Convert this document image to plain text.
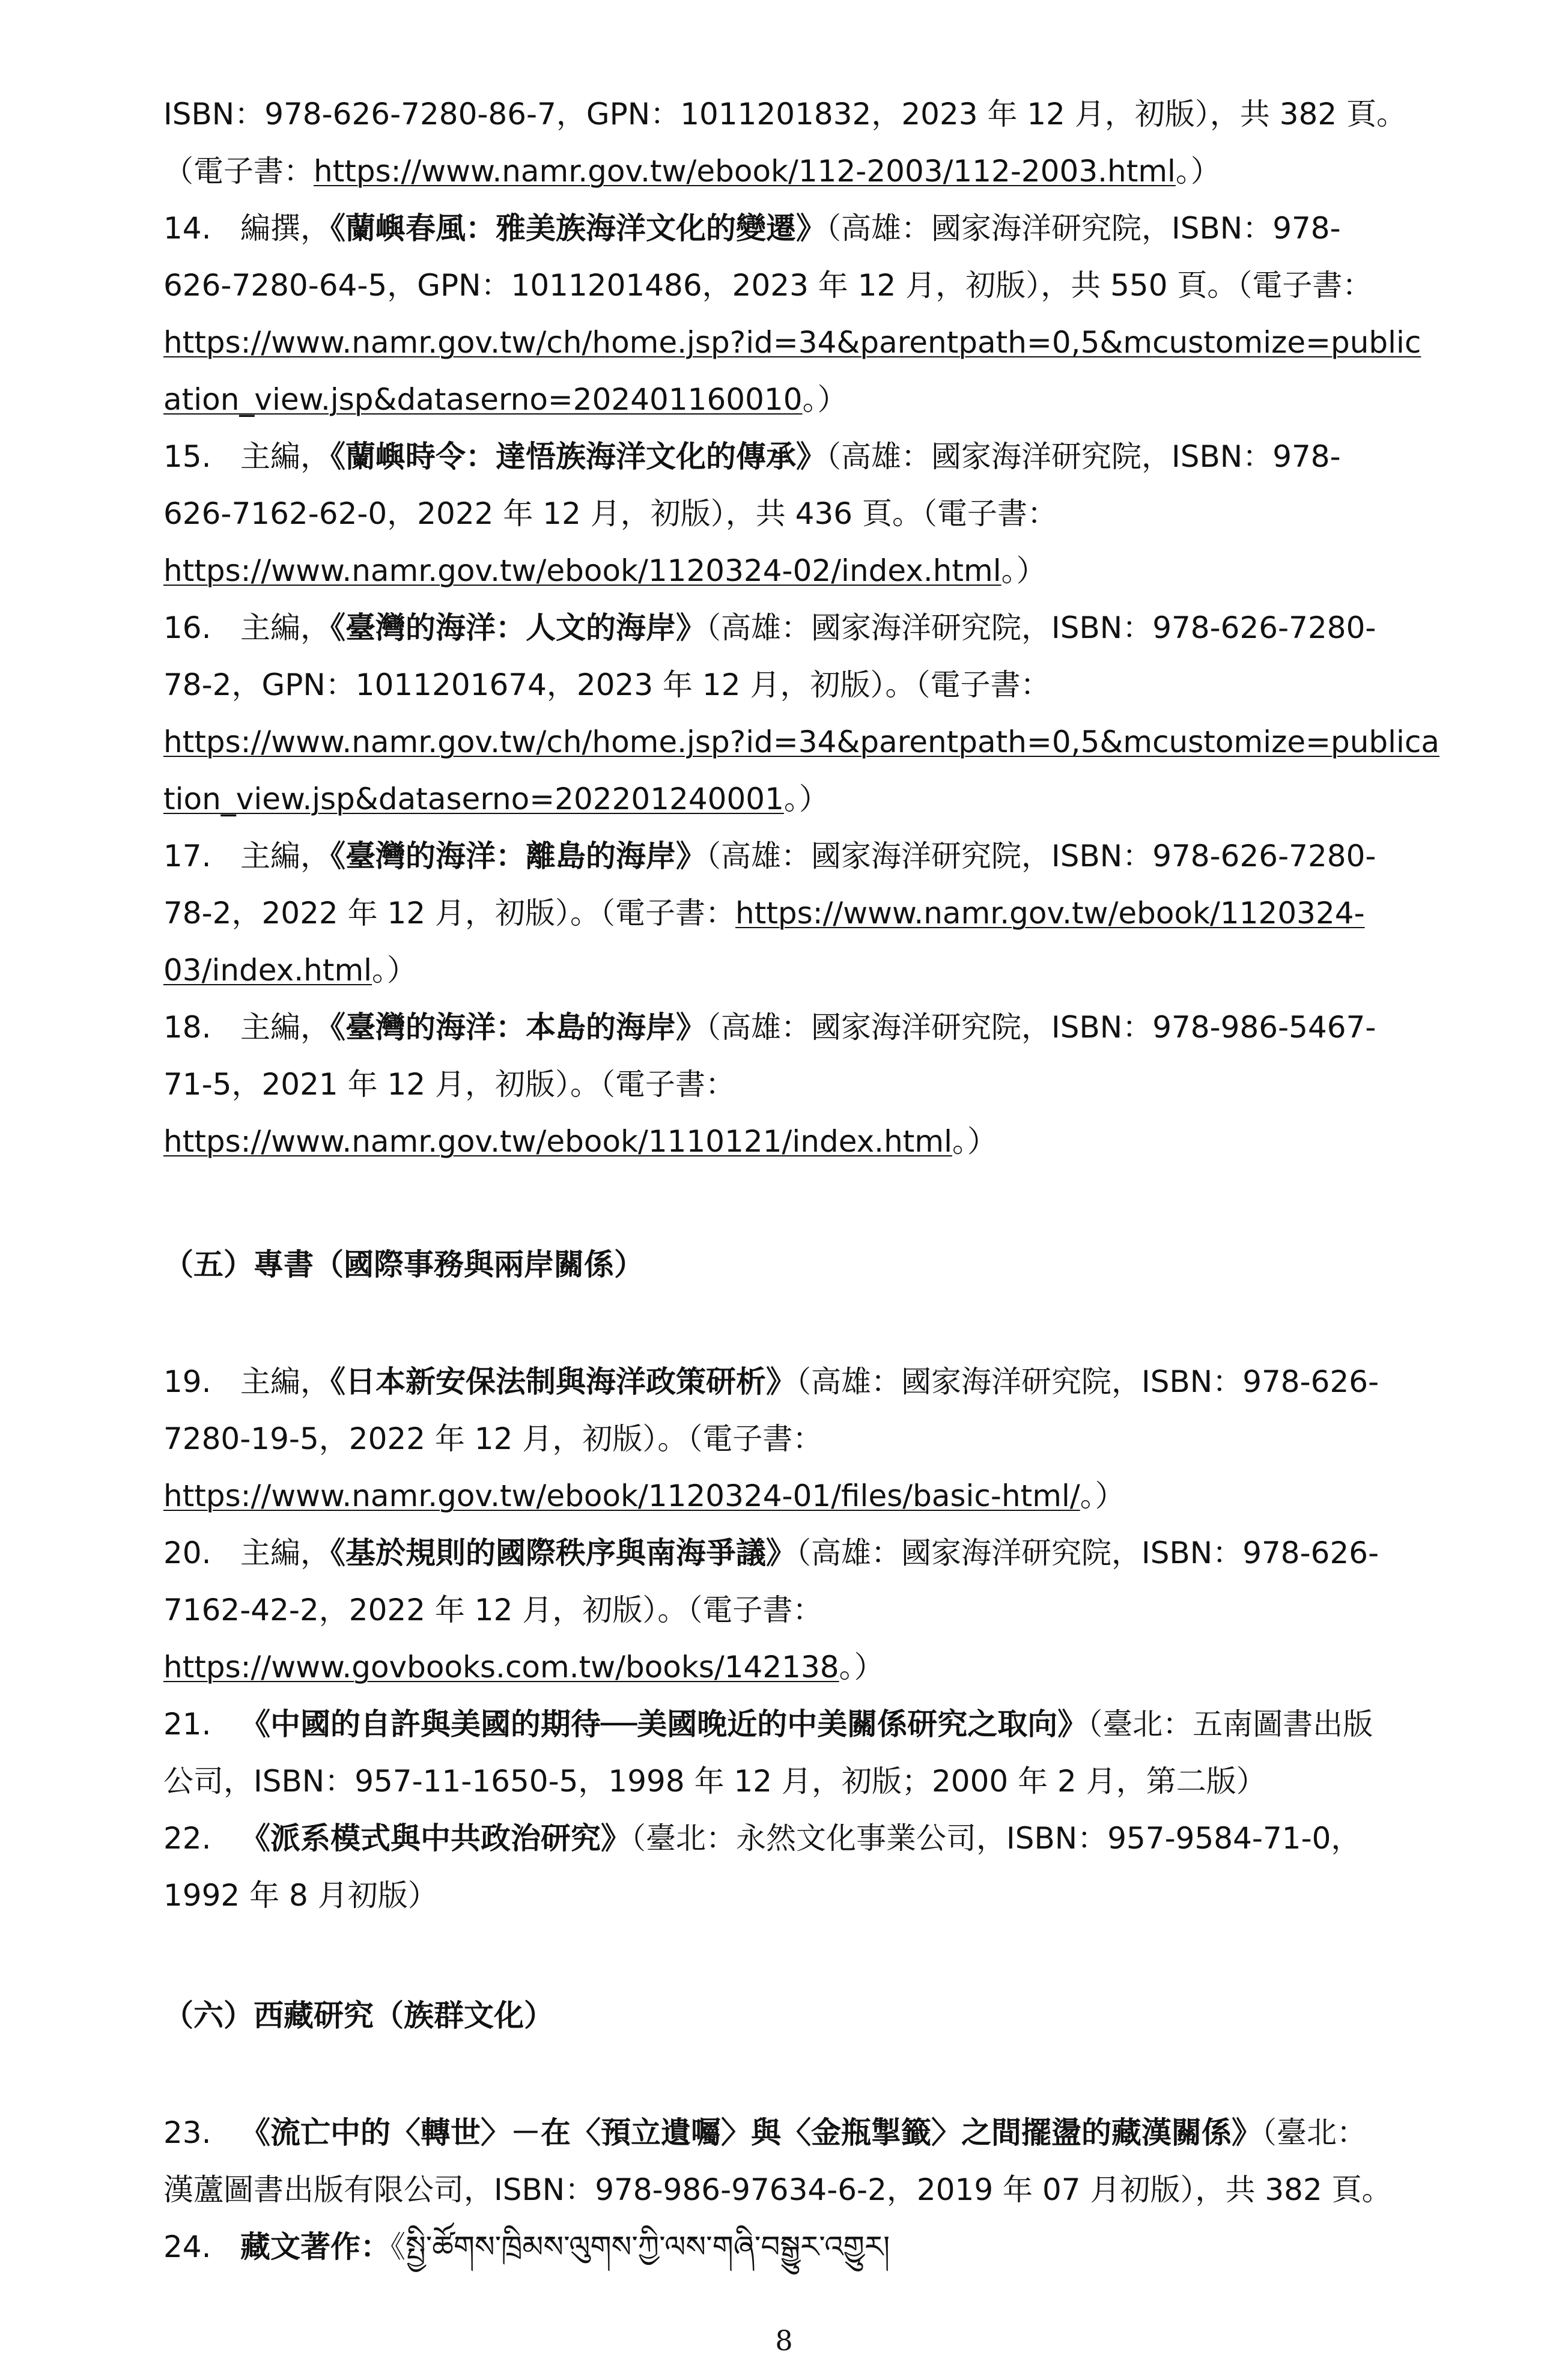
ISBN：978-626-7280-86-7，GPN：1011201832，2023 年 12 月，初版），共 382 頁。
（電子書：https://www.namr.gov.tw/ebook/112-2003/112-2003.html。）
14. 編撰，《蘭嶼春風：雅美族海洋文化的變遷》（高雄：國家海洋研究院，ISBN：978-
626-7280-64-5，GPN：1011201486，2023 年 12 月，初版），共 550 頁。（電子書：
https://www.namr.gov.tw/ch/home.jsp?id=34&parentpath=0,5&mcustomize=public
ation_view.jsp&dataserno=202401160010。）
15. 主編，《蘭嶼時令：達悟族海洋文化的傳承》（高雄：國家海洋研究院，ISBN：978-
626-7162-62-0，2022 年 12 月，初版），共 436 頁。（電子書：
https://www.namr.gov.tw/ebook/1120324-02/index.html。）
16. 主編，《臺灣的海洋：人文的海岸》（高雄：國家海洋研究院，ISBN：978-626-7280-
78-2，GPN：1011201674，2023 年 12 月，初版）。（電子書：
https://www.namr.gov.tw/ch/home.jsp?id=34&parentpath=0,5&mcustomize=publica
tion_view.jsp&dataserno=202201240001。）
17. 主編，《臺灣的海洋：離島的海岸》（高雄：國家海洋研究院，ISBN：978-626-7280-
78-2，2022 年 12 月，初版）。（電子書：https://www.namr.gov.tw/ebook/1120324-
03/index.html。）
18. 主編，《臺灣的海洋：本島的海岸》（高雄：國家海洋研究院，ISBN：978-986-5467-
71-5，2021 年 12 月，初版）。（電子書：
https://www.namr.gov.tw/ebook/1110121/index.html。）
（五）專書（國際事務與兩岸關係）
19. 主編，《日本新安保法制與海洋政策研析》（高雄：國家海洋研究院，ISBN：978-626-
7280-19-5，2022 年 12 月，初版）。（電子書：
https://www.namr.gov.tw/ebook/1120324-01/files/basic-html/。）
20. 主編，《基於規則的國際秩序與南海爭議》（高雄：國家海洋研究院，ISBN：978-626-
7162-42-2，2022 年 12 月，初版）。（電子書：
https://www.govbooks.com.tw/books/142138。）
21. 《中國的自許與美國的期待──美國晚近的中美關係研究之取向》（臺北：五南圖書出版
公司，ISBN：957-11-1650-5，1998 年 12 月，初版；2000 年 2 月，第二版）
22. 《派系模式與中共政治研究》（臺北：永然文化事業公司，ISBN：957-9584-71-0，
1992 年 8 月初版）
（六）西藏研究（族群文化）
23. 《流亡中的〈轉世〉－在〈預立遺囑〉與〈金瓶掣籤〉之間擺盪的藏漢關係》（臺北：
漢蘆圖書出版有限公司，ISBN：978-986-97634-6-2，2019 年 07 月初版），共 382 頁。
24. 藏文著作：《སྤྱི་ཚོགས་ཁྲིམས་ལུགས་ཀྱི་ལས་གཞི་བསྒྱུར་འགྱུར།
8
